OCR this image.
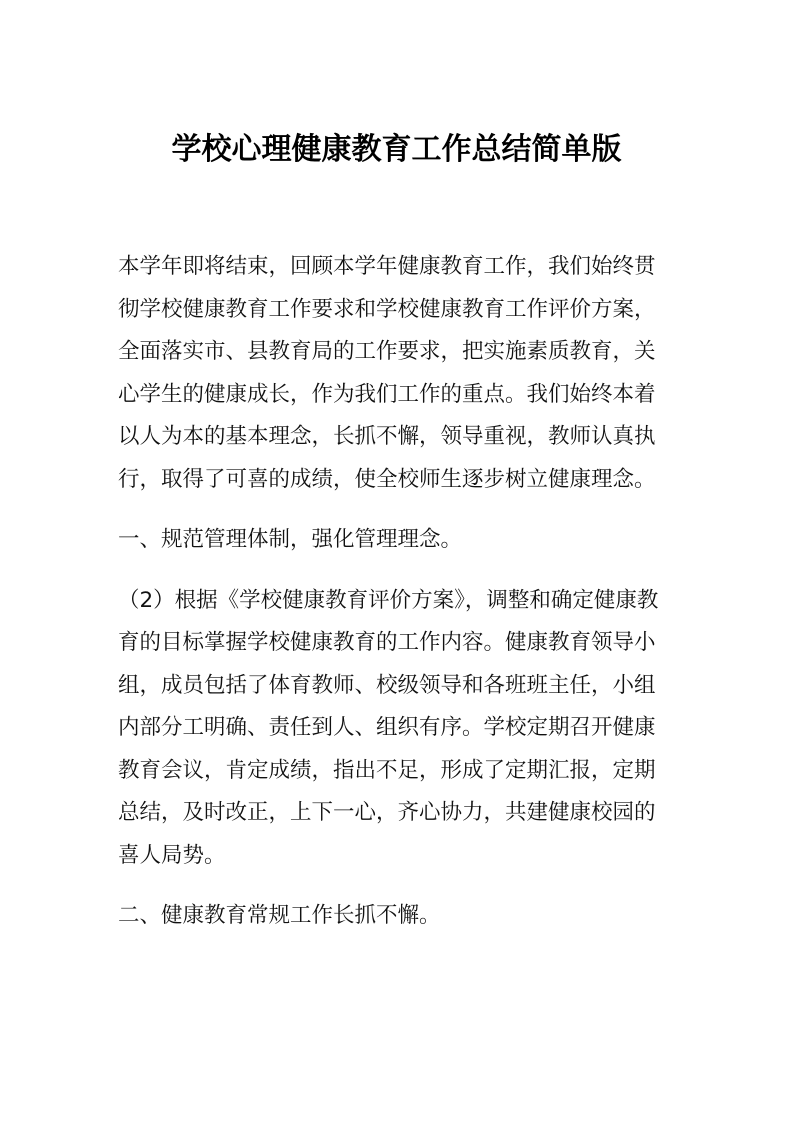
学校心理健康教育工作总结简单版
本学年即将结束，回顾本学年健康教育工作，我们始终贯
彻学校健康教育工作要求和学校健康教育工作评价方案，
全面落实市、县教育局的工作要求，把实施素质教育，关
心学生的健康成长，作为我们工作的重点。我们始终本着
以人为本的基本理念，长抓不懈，领导重视，教师认真执
行，取得了可喜的成绩，使全校师生逐步树立健康理念。
一、规范管理体制，强化管理理念。
（2）根据《学校健康教育评价方案》，调整和确定健康教
育的目标掌握学校健康教育的工作内容。健康教育领导小
组，成员包括了体育教师、校级领导和各班班主任，小组
内部分工明确、责任到人、组织有序。学校定期召开健康
教育会议，肯定成绩，指出不足，形成了定期汇报，定期
总结，及时改正，上下一心，齐心协力，共建健康校园的
喜人局势。
二、健康教育常规工作长抓不懈。
